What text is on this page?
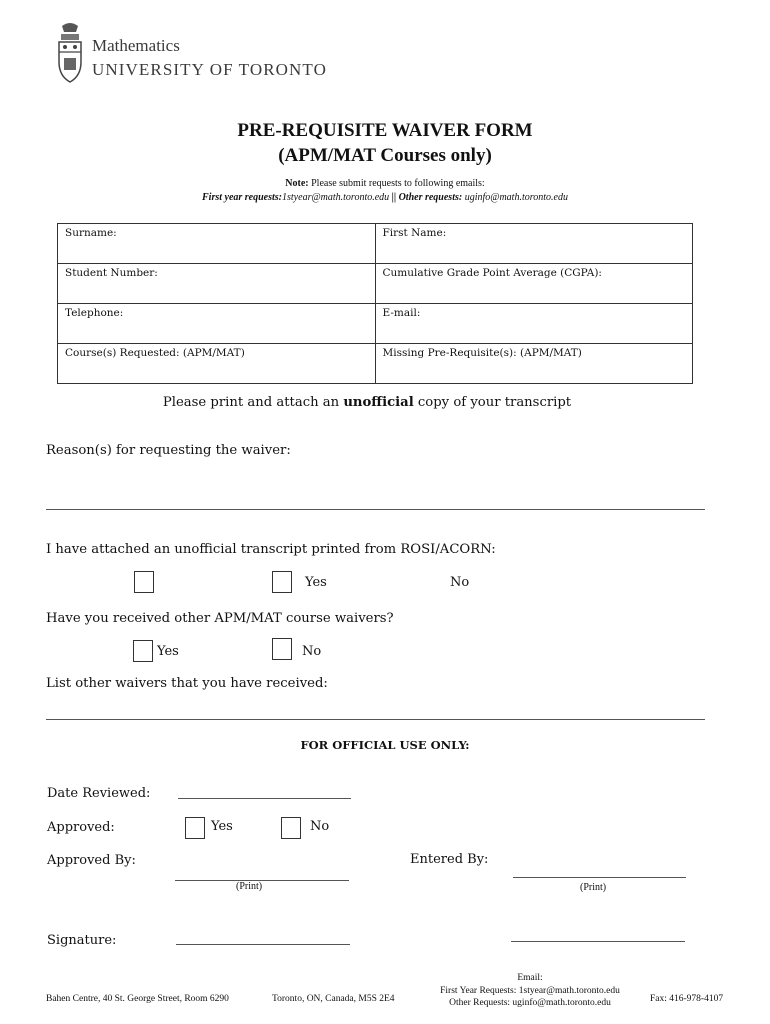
Mathematics
UNIVERSITY OF TORONTO
PRE-REQUISITE WAIVER FORM
(APM/MAT Courses only)
Note: Please submit requests to following emails:
First year requests:1styear@math.toronto.edu || Other requests: uginfo@math.toronto.edu
Surname:	First Name:
Student Number:	Cumulative Grade Point Average (CGPA):
Telephone:	E-mail:
Course(s) Requested: (APM/MAT)	Missing Pre-Requisite(s): (APM/MAT)
Please print and attach an unofficial copy of your transcript
Reason(s) for requesting the waiver:
I have attached an unofficial transcript printed from ROSI/ACORN:
Yes	No
Have you received other APM/MAT course waivers?
Yes	No
List other waivers that you have received:
FOR OFFICIAL USE ONLY:
Date Reviewed:
Approved:	Yes	No
Approved By:
(Print)
Entered By:
(Print)
Signature:
Bahen Centre, 40 St. George Street, Room 6290	Toronto, ON, Canada, M5S 2E4
Email:
First Year Requests: 1styear@math.toronto.edu
Other Requests: uginfo@math.toronto.edu	Fax: 416-978-4107
